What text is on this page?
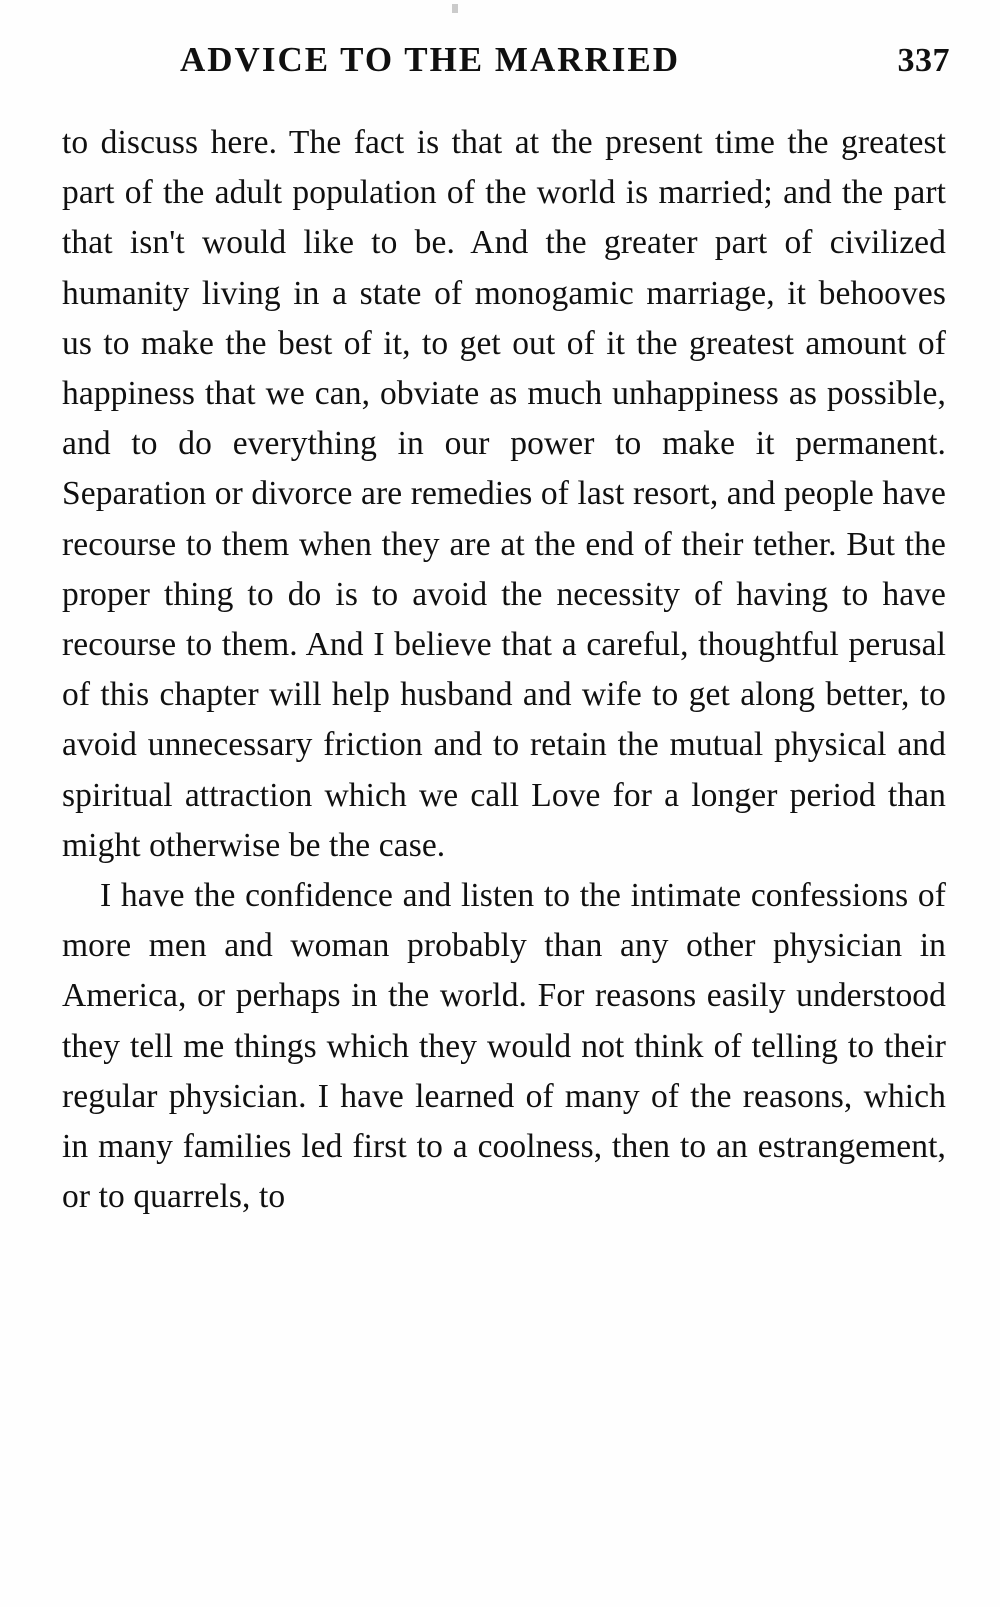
ADVICE TO THE MARRIED	337

to discuss here. The fact is that at the present time the greatest part of the adult population of the world is married; and the part that isn't would like to be. And the greater part of civilized humanity living in a state of monogamic marriage, it behooves us to make the best of it, to get out of it the greatest amount of happiness that we can, obviate as much unhappiness as possible, and to do everything in our power to make it permanent. Separation or divorce are remedies of last resort, and people have recourse to them when they are at the end of their tether. But the proper thing to do is to avoid the necessity of having to have recourse to them. And I believe that a careful, thoughtful perusal of this chapter will help husband and wife to get along better, to avoid unnecessary friction and to retain the mutual physical and spiritual attraction which we call Love for a longer period than might otherwise be the case.

I have the confidence and listen to the intimate confessions of more men and woman probably than any other physician in America, or perhaps in the world. For reasons easily understood they tell me things which they would not think of telling to their regular physician. I have learned of many of the reasons, which in many families led first to a coolness, then to an estrangement, or to quarrels, to
